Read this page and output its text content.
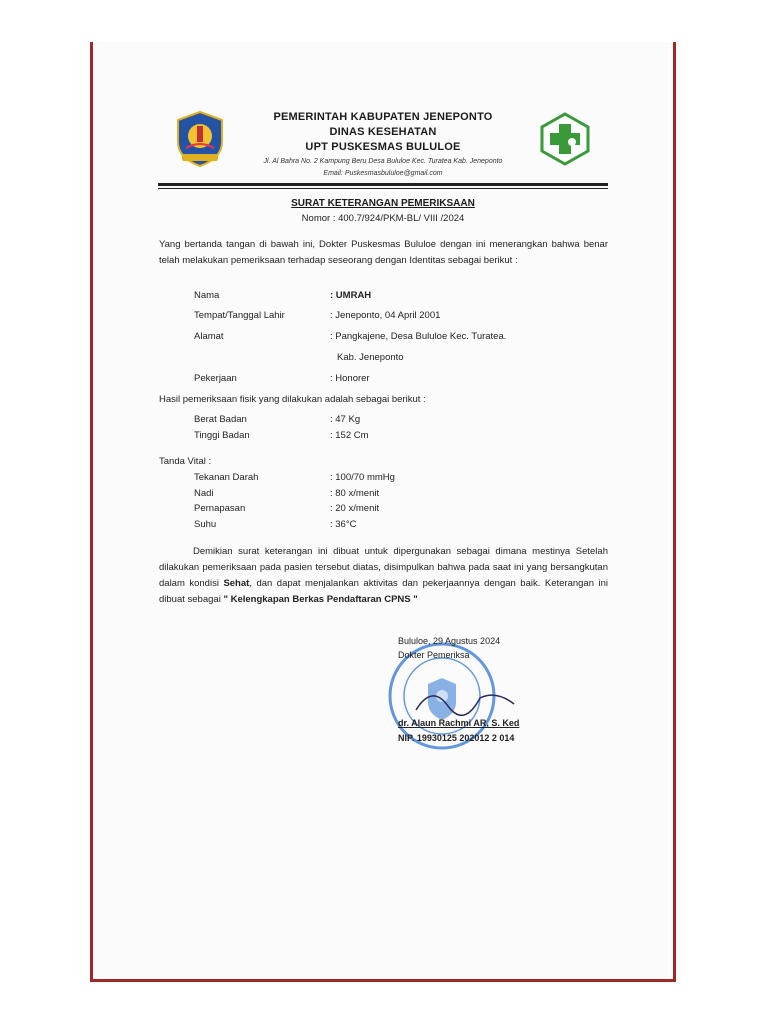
PEMERINTAH KABUPATEN JENEPONTO
DINAS KESEHATAN
UPT PUSKESMAS BULULOE
Jl. Al Bahra No. 2 Kampung Beru Desa Bululoe Kec. Turatea Kab. Jeneponto
Email: Puskesmasbululoe@gmail.com
SURAT KETERANGAN PEMERIKSAAN
Nomor : 400.7/924/PKM-BL/ VIII /2024
Yang bertanda tangan di bawah ini, Dokter Puskesmas Bululoe dengan ini menerangkan bahwa benar telah melakukan pemeriksaan terhadap seseorang dengan Identitas sebagai berikut :
Nama	: UMRAH
Tempat/Tanggal Lahir	: Jeneponto, 04 April 2001
Alamat	: Pangkajene, Desa Bululoe Kec. Turatea.
Kab. Jeneponto
Pekerjaan	: Honorer
Hasil pemeriksaan fisik yang dilakukan adalah sebagai berikut :
Berat Badan	: 47 Kg
Tinggi Badan	: 152 Cm
Tanda Vital :
Tekanan Darah	: 100/70 mmHg
Nadi	: 80 x/menit
Pernapasan	: 20 x/menit
Suhu	: 36°C
Demikian surat keterangan ini dibuat untuk dipergunakan sebagai dimana mestinya Setelah dilakukan pemeriksaan pada pasien tersebut diatas, disimpulkan bahwa pada saat ini yang bersangkutan dalam kondisi Sehat, dan dapat menjalankan aktivitas dan pekerjaannya dengan baik. Keterangan ini dibuat sebagai " Kelengkapan Berkas Pendaftaran CPNS "
Bululoe, 29 Agustus 2024
Dokter Pemeriksa
dr. Alaun Rachmi AR, S. Ked
NIP. 19930125 202012 2 014
